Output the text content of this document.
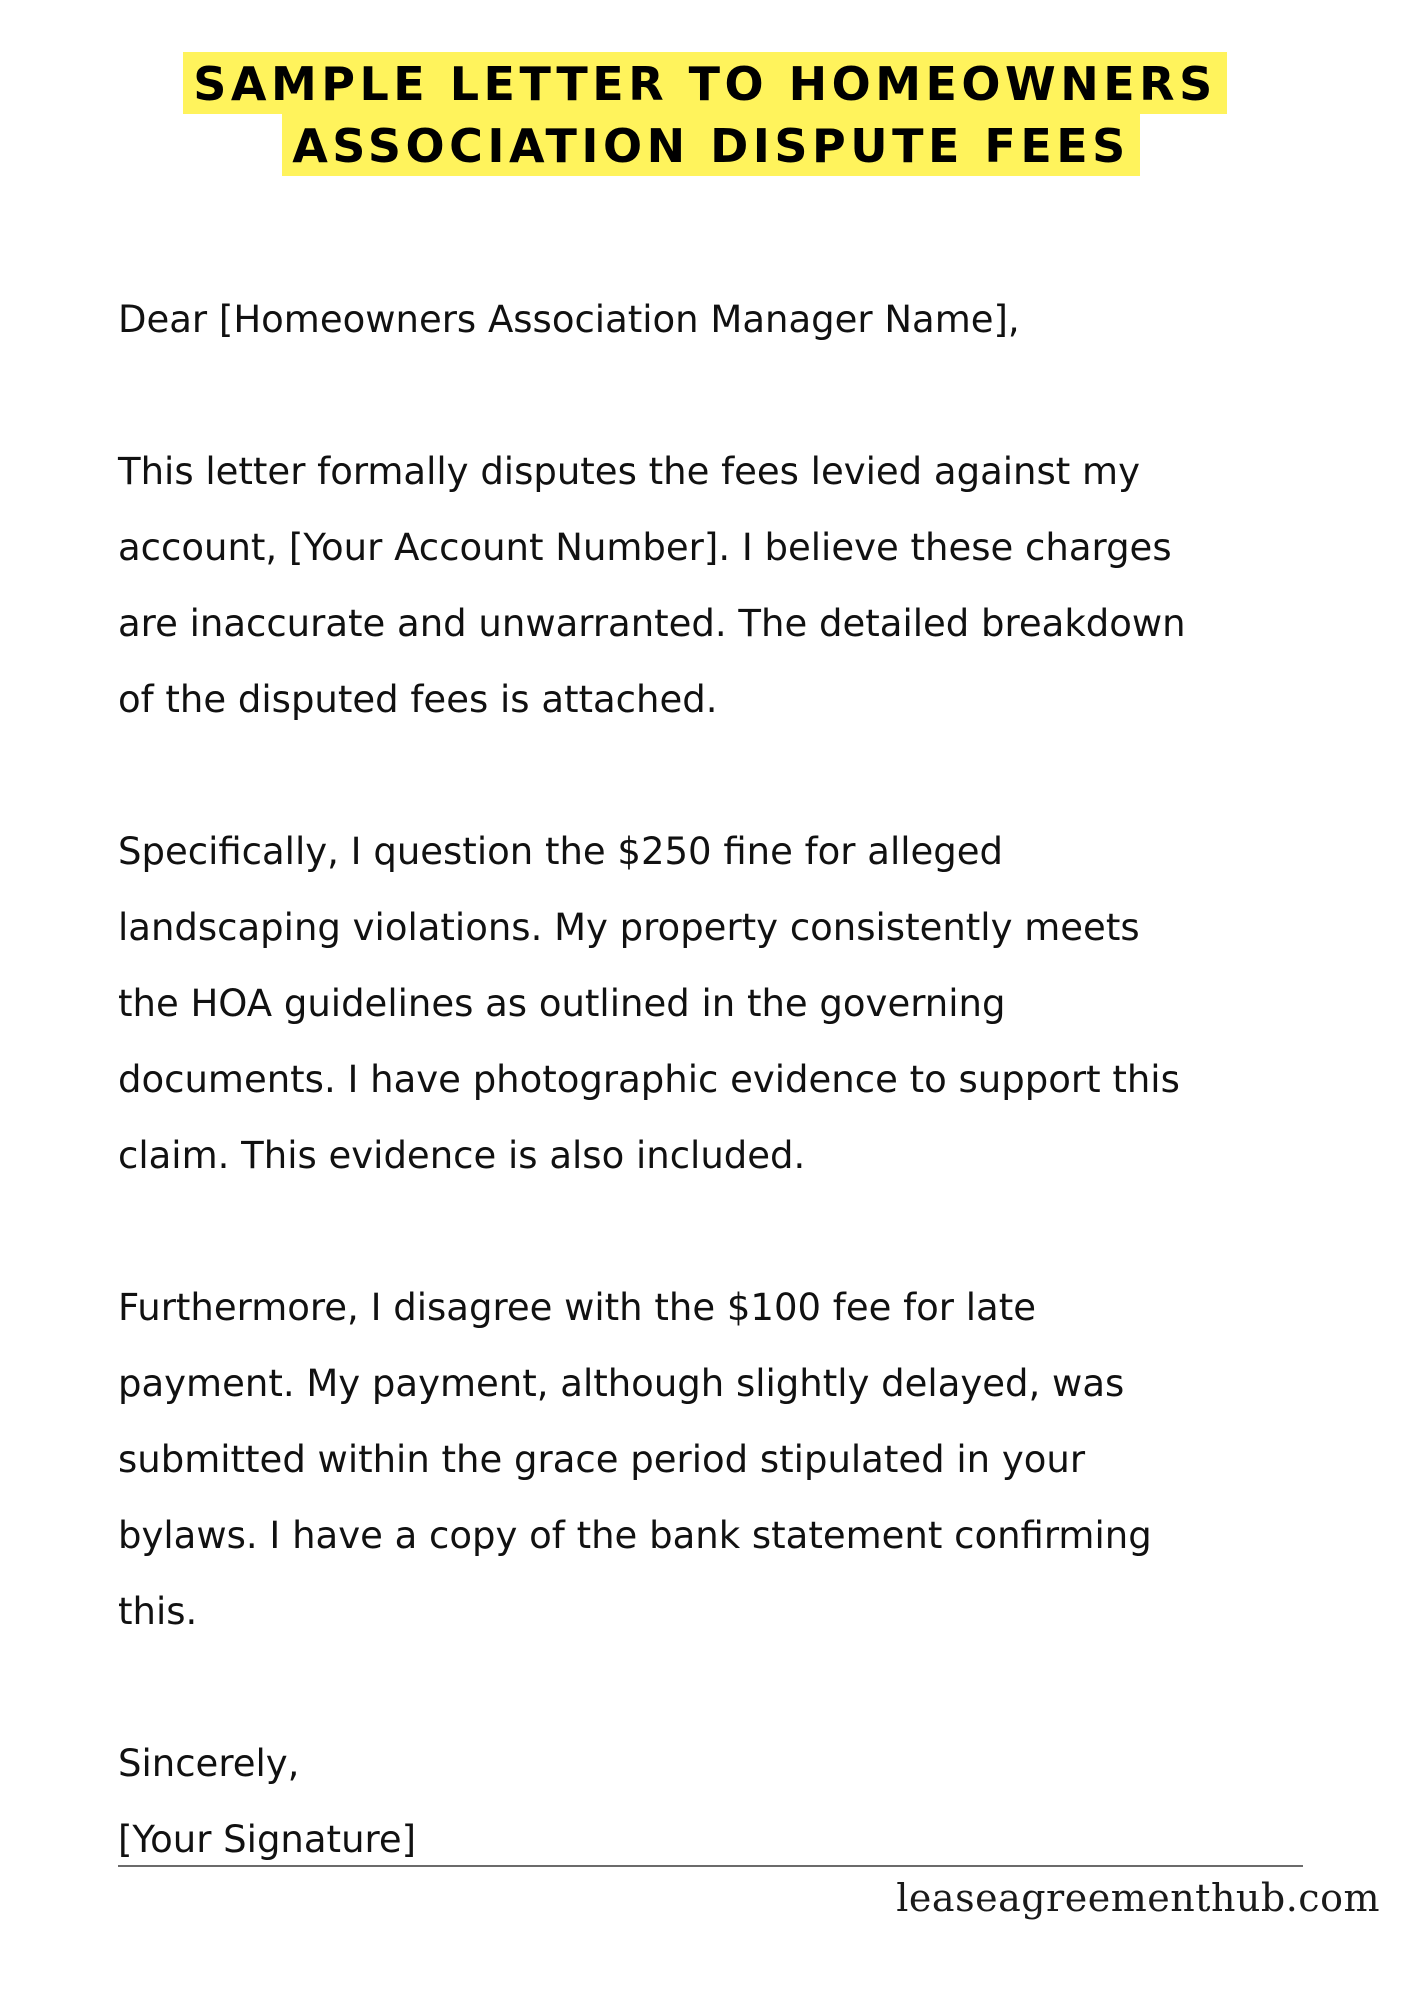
SAMPLE LETTER TO HOMEOWNERS
ASSOCIATION DISPUTE FEES

Dear [Homeowners Association Manager Name],

This letter formally disputes the fees levied against my

account, [Your Account Number]. I believe these charges

are inaccurate and unwarranted. The detailed breakdown

of the disputed fees is attached.

Specifically, I question the $250 fine for alleged

landscaping violations. My property consistently meets

the HOA guidelines as outlined in the governing

documents. I have photographic evidence to support this

claim. This evidence is also included.

Furthermore, I disagree with the $100 fee for late

payment. My payment, although slightly delayed, was

submitted within the grace period stipulated in your

bylaws. I have a copy of the bank statement confirming

this.

Sincerely,

[Your Signature]

leaseagreementhub.com
